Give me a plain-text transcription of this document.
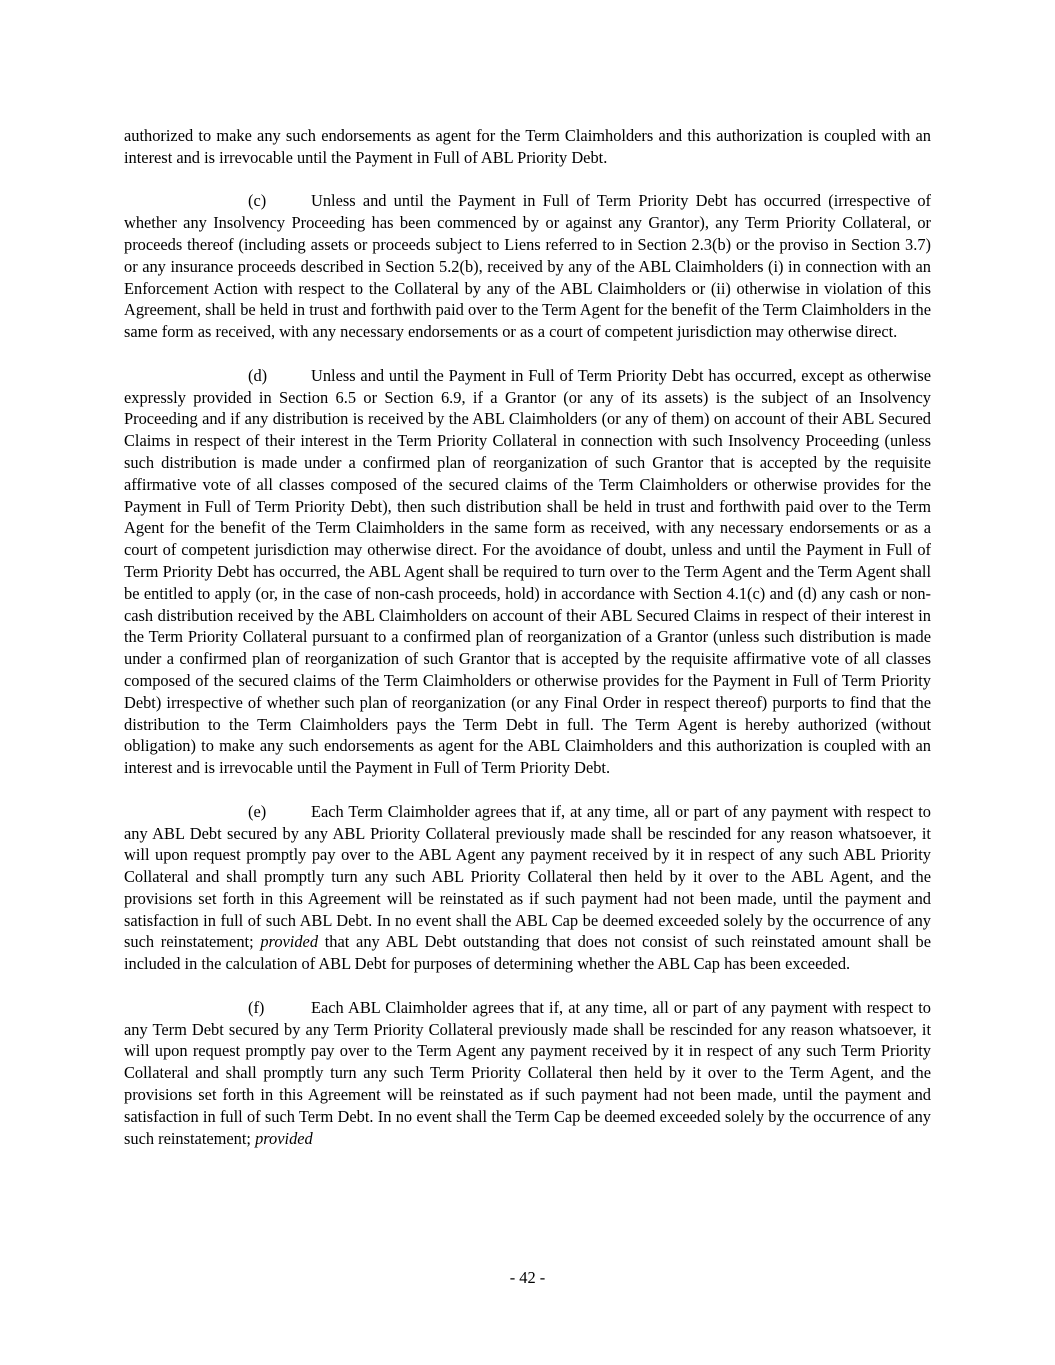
authorized to make any such endorsements as agent for the Term Claimholders and this authorization is coupled with an interest and is irrevocable until the Payment in Full of ABL Priority Debt.

(c)	Unless and until the Payment in Full of Term Priority Debt has occurred (irrespective of whether any Insolvency Proceeding has been commenced by or against any Grantor), any Term Priority Collateral, or proceeds thereof (including assets or proceeds subject to Liens referred to in Section 2.3(b) or the proviso in Section 3.7) or any insurance proceeds described in Section 5.2(b), received by any of the ABL Claimholders (i) in connection with an Enforcement Action with respect to the Collateral by any of the ABL Claimholders or (ii) otherwise in violation of this Agreement, shall be held in trust and forthwith paid over to the Term Agent for the benefit of the Term Claimholders in the same form as received, with any necessary endorsements or as a court of competent jurisdiction may otherwise direct.

(d)	Unless and until the Payment in Full of Term Priority Debt has occurred, except as otherwise expressly provided in Section 6.5 or Section 6.9, if a Grantor (or any of its assets) is the subject of an Insolvency Proceeding and if any distribution is received by the ABL Claimholders (or any of them) on account of their ABL Secured Claims in respect of their interest in the Term Priority Collateral in connection with such Insolvency Proceeding (unless such distribution is made under a confirmed plan of reorganization of such Grantor that is accepted by the requisite affirmative vote of all classes composed of the secured claims of the Term Claimholders or otherwise provides for the Payment in Full of Term Priority Debt), then such distribution shall be held in trust and forthwith paid over to the Term Agent for the benefit of the Term Claimholders in the same form as received, with any necessary endorsements or as a court of competent jurisdiction may otherwise direct. For the avoidance of doubt, unless and until the Payment in Full of Term Priority Debt has occurred, the ABL Agent shall be required to turn over to the Term Agent and the Term Agent shall be entitled to apply (or, in the case of non-cash proceeds, hold) in accordance with Section 4.1(c) and (d) any cash or non-cash distribution received by the ABL Claimholders on account of their ABL Secured Claims in respect of their interest in the Term Priority Collateral pursuant to a confirmed plan of reorganization of a Grantor (unless such distribution is made under a confirmed plan of reorganization of such Grantor that is accepted by the requisite affirmative vote of all classes composed of the secured claims of the Term Claimholders or otherwise provides for the Payment in Full of Term Priority Debt) irrespective of whether such plan of reorganization (or any Final Order in respect thereof) purports to find that the distribution to the Term Claimholders pays the Term Debt in full. The Term Agent is hereby authorized (without obligation) to make any such endorsements as agent for the ABL Claimholders and this authorization is coupled with an interest and is irrevocable until the Payment in Full of Term Priority Debt.

(e)	Each Term Claimholder agrees that if, at any time, all or part of any payment with respect to any ABL Debt secured by any ABL Priority Collateral previously made shall be rescinded for any reason whatsoever, it will upon request promptly pay over to the ABL Agent any payment received by it in respect of any such ABL Priority Collateral and shall promptly turn any such ABL Priority Collateral then held by it over to the ABL Agent, and the provisions set forth in this Agreement will be reinstated as if such payment had not been made, until the payment and satisfaction in full of such ABL Debt. In no event shall the ABL Cap be deemed exceeded solely by the occurrence of any such reinstatement; provided that any ABL Debt outstanding that does not consist of such reinstated amount shall be included in the calculation of ABL Debt for purposes of determining whether the ABL Cap has been exceeded.

(f)	Each ABL Claimholder agrees that if, at any time, all or part of any payment with respect to any Term Debt secured by any Term Priority Collateral previously made shall be rescinded for any reason whatsoever, it will upon request promptly pay over to the Term Agent any payment received by it in respect of any such Term Priority Collateral and shall promptly turn any such Term Priority Collateral then held by it over to the Term Agent, and the provisions set forth in this Agreement will be reinstated as if such payment had not been made, until the payment and satisfaction in full of such Term Debt. In no event shall the Term Cap be deemed exceeded solely by the occurrence of any such reinstatement; provided

- 42 -
